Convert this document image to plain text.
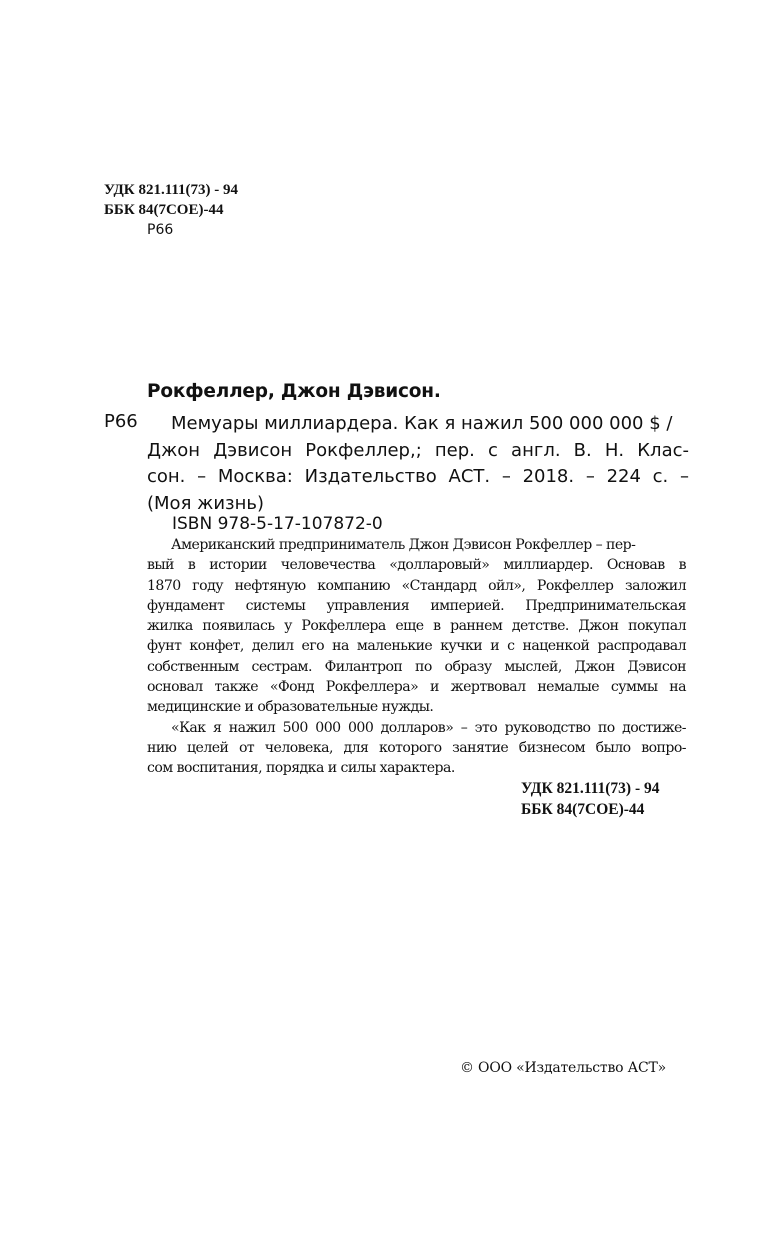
УДК 821.111(73) - 94
ББК 84(7СОЕ)-44
Р66
Рокфеллер, Джон Дэвисон.
Р66	Мемуары миллиардера. Как я нажил 500 000 000 $ /
Джон Дэвисон Рокфеллер,; пер. с англ. В. Н. Клас-
сон. – Москва: Издательство АСТ. – 2018. – 224 с. –
(Моя жизнь)
ISBN 978-5-17-107872-0
Американский предприниматель Джон Дэвисон Рокфеллер – пер-
вый в истории человечества «долларовый» миллиардер. Основав в
1870 году нефтяную компанию «Стандард ойл», Рокфеллер заложил
фундамент системы управления империей. Предпринимательская
жилка появилась у Рокфеллера еще в раннем детстве. Джон покупал
фунт конфет, делил его на маленькие кучки и с наценкой распродавал
собственным сестрам. Филантроп по образу мыслей, Джон Дэвисон
основал также «Фонд Рокфеллера» и жертвовал немалые суммы на
медицинские и образовательные нужды.
«Как я нажил 500 000 000 долларов» – это руководство по достиже-
нию целей от человека, для которого занятие бизнесом было вопро-
сом воспитания, порядка и силы характера.
УДК 821.111(73) - 94
ББК 84(7СОЕ)-44
© ООО «Издательство АСТ»
